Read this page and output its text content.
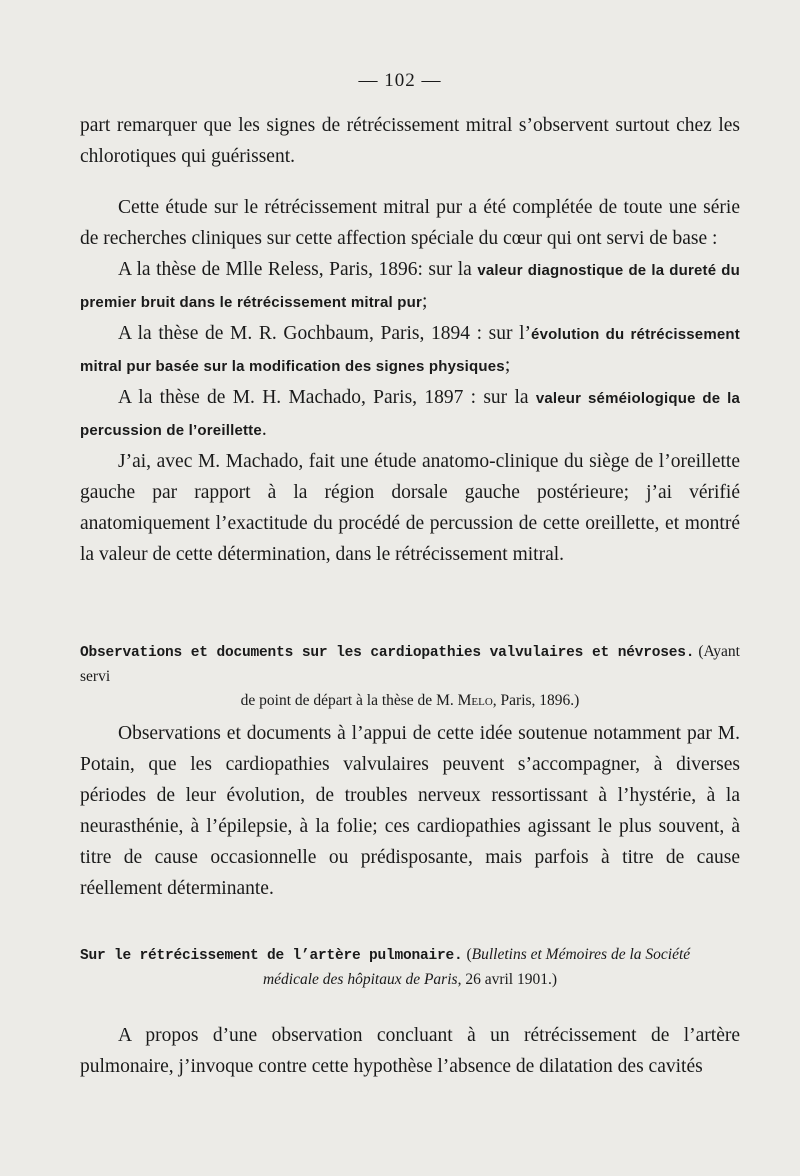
— 102 —

part remarquer que les signes de rétrécissement mitral s’observent surtout chez les chlorotiques qui guérissent.

Cette étude sur le rétrécissement mitral pur a été complétée de toute une série de recherches cliniques sur cette affection spéciale du cœur qui ont servi de base :

A la thèse de Mlle Reless, Paris, 1896: sur la valeur diagnostique de la dureté du premier bruit dans le rétrécissement mitral pur;

A la thèse de M. R. Gochbaum, Paris, 1894 : sur l’évolution du rétrécissement mitral pur basée sur la modification des signes physiques;

A la thèse de M. H. Machado, Paris, 1897 : sur la valeur séméiologique de la percussion de l’oreillette.

J’ai, avec M. Machado, fait une étude anatomo-clinique du siège de l’oreillette gauche par rapport à la région dorsale gauche postérieure; j’ai vérifié anatomiquement l’exactitude du procédé de percussion de cette oreillette, et montré la valeur de cette détermination, dans le rétrécissement mitral.

Observations et documents sur les cardiopathies valvulaires et névroses. (Ayant servi
de point de départ à la thèse de M. Melo, Paris, 1896.)

Observations et documents à l’appui de cette idée soutenue notamment par M. Potain, que les cardiopathies valvulaires peuvent s’accompagner, à diverses périodes de leur évolution, de troubles nerveux ressortissant à l’hystérie, à la neurasthénie, à l’épilepsie, à la folie; ces cardiopathies agissant le plus souvent, à titre de cause occasionnelle ou prédisposante, mais parfois à titre de cause réellement déterminante.

Sur le rétrécissement de l’artère pulmonaire. (Bulletins et Mémoires de la Société
médicale des hôpitaux de Paris, 26 avril 1901.)

A propos d’une observation concluant à un rétrécissement de l’artère pulmonaire, j’invoque contre cette hypothèse l’absence de dilatation des cavités
